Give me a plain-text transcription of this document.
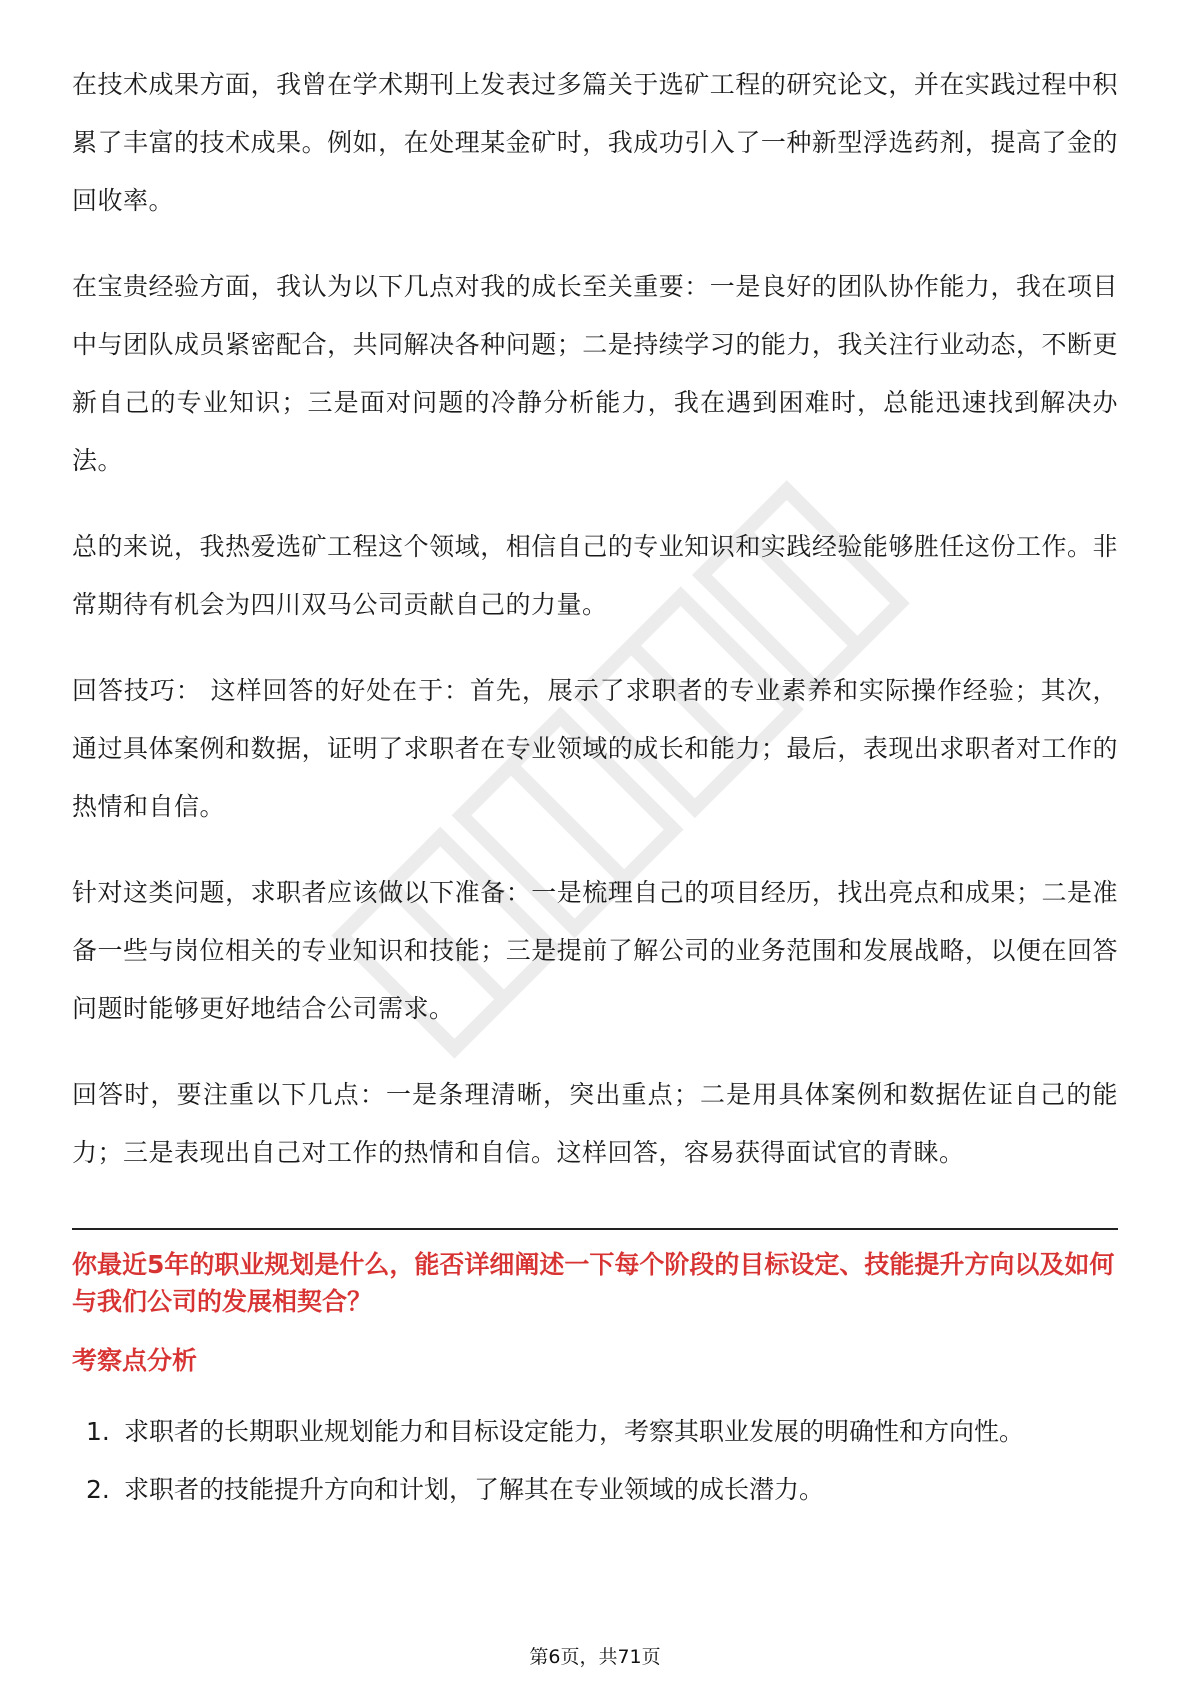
在技术成果方面，我曾在学术期刊上发表过多篇关于选矿工程的研究论文，并在实践过程中积累了丰富的技术成果。例如，在处理某金矿时，我成功引入了一种新型浮选药剂，提高了金的回收率。

在宝贵经验方面，我认为以下几点对我的成长至关重要：一是良好的团队协作能力，我在项目中与团队成员紧密配合，共同解决各种问题；二是持续学习的能力，我关注行业动态，不断更新自己的专业知识；三是面对问题的冷静分析能力，我在遇到困难时，总能迅速找到解决办法。

总的来说，我热爱选矿工程这个领域，相信自己的专业知识和实践经验能够胜任这份工作。非常期待有机会为四川双马公司贡献自己的力量。

回答技巧： 这样回答的好处在于：首先，展示了求职者的专业素养和实际操作经验；其次，通过具体案例和数据，证明了求职者在专业领域的成长和能力；最后，表现出求职者对工作的热情和自信。

针对这类问题，求职者应该做以下准备：一是梳理自己的项目经历，找出亮点和成果；二是准备一些与岗位相关的专业知识和技能；三是提前了解公司的业务范围和发展战略，以便在回答问题时能够更好地结合公司需求。

回答时，要注重以下几点：一是条理清晰，突出重点；二是用具体案例和数据佐证自己的能力；三是表现出自己对工作的热情和自信。这样回答，容易获得面试官的青睐。

你最近5年的职业规划是什么，能否详细阐述一下每个阶段的目标设定、技能提升方向以及如何与我们公司的发展相契合？
考察点分析
1. 求职者的长期职业规划能力和目标设定能力，考察其职业发展的明确性和方向性。
2. 求职者的技能提升方向和计划，了解其在专业领域的成长潜力。
第6页，共71页
